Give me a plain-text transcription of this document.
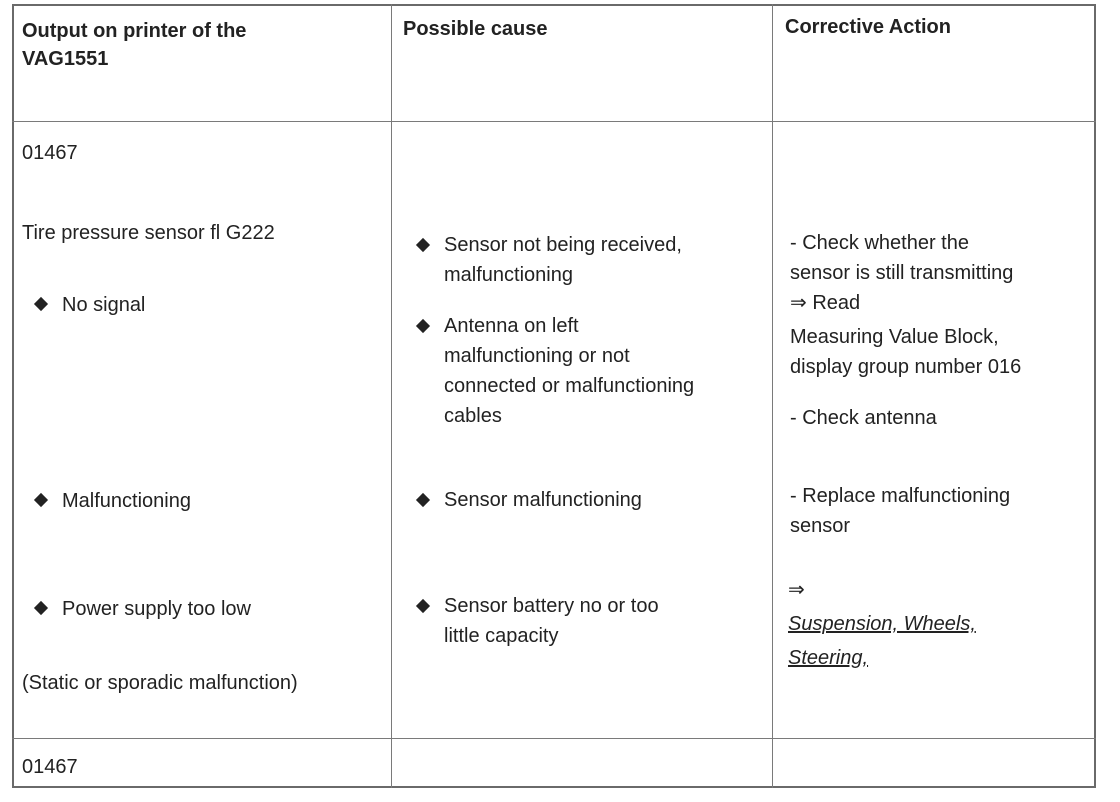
Output on printer of the
VAG1551
Possible cause	Corrective Action
01467
Tire pressure sensor fl G222
No signal
Malfunctioning
Power supply too low
(Static or sporadic malfunction)
Sensor not being received,
malfunctioning
Antenna on left
malfunctioning or not
connected or malfunctioning
cables
Sensor malfunctioning
Sensor battery no or too
little capacity
- Check whether the
sensor is still transmitting
⇒ Read
Measuring Value Block,
display group number 016
- Check antenna
- Replace malfunctioning
sensor
⇒
Suspension, Wheels,
Steering,
01467
